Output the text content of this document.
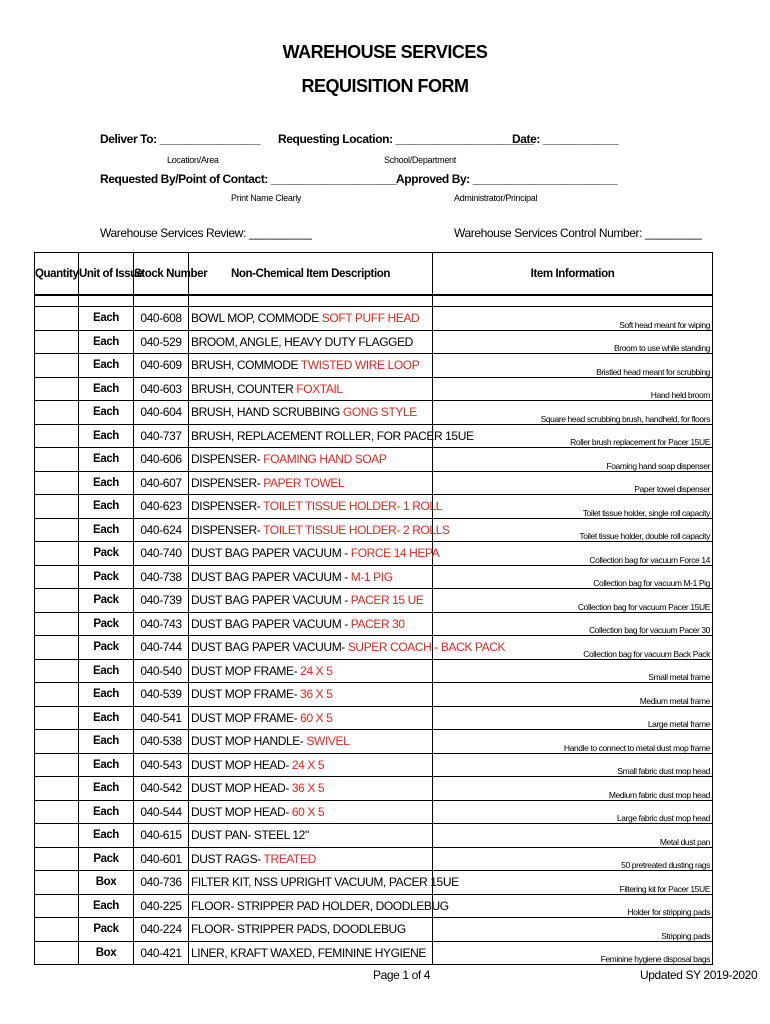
WAREHOUSE SERVICES
REQUISITION FORM
Deliver To: ________________
Location/Area
Requesting Location: ______________________
School/Department
Date: ____________
Requested By/Point of Contact: ____________________
Print Name Clearly
Approved By: _______________________
Administrator/Principal
Warehouse Services Review: __________	Warehouse Services Control Number: _________
Quantity	Unit of Issue	Stock Number	Non-Chemical Item Description	Item Information

	Each	040-608	BOWL MOP, COMMODE SOFT PUFF HEAD	Soft head meant for wiping
	Each	040-529	BROOM, ANGLE, HEAVY DUTY FLAGGED	Broom to use while standing
	Each	040-609	BRUSH, COMMODE TWISTED WIRE LOOP	Bristled head meant for scrubbing
	Each	040-603	BRUSH, COUNTER FOXTAIL	Hand held broom
	Each	040-604	BRUSH, HAND SCRUBBING GONG STYLE	Square head scrubbing brush, handheld, for floors
	Each	040-737	BRUSH, REPLACEMENT ROLLER, FOR PACER 15UE	Roller brush replacement for Pacer 15UE
	Each	040-606	DISPENSER- FOAMING HAND SOAP	Foaming hand soap dispenser
	Each	040-607	DISPENSER- PAPER TOWEL	Paper towel dispenser
	Each	040-623	DISPENSER- TOILET TISSUE HOLDER- 1 ROLL	Toilet tissue holder, single roll capacity
	Each	040-624	DISPENSER- TOILET TISSUE HOLDER- 2 ROLLS	Toilet tissue holder, double roll capacity
	Pack	040-740	DUST BAG PAPER VACUUM - FORCE 14 HEPA	Collection bag for vacuum Force 14
	Pack	040-738	DUST BAG PAPER VACUUM - M-1 PIG	Collection bag for vacuum M-1 Pig
	Pack	040-739	DUST BAG PAPER VACUUM - PACER 15 UE	Collection bag for vacuum Pacer 15UE
	Pack	040-743	DUST BAG PAPER VACUUM - PACER 30	Collection bag for vacuum Pacer 30
	Pack	040-744	DUST BAG PAPER VACUUM- SUPER COACH - BACK PACK	Collection bag for vacuum Back Pack
	Each	040-540	DUST MOP FRAME- 24 X 5	Small metal frame
	Each	040-539	DUST MOP FRAME- 36 X 5	Medium metal frame
	Each	040-541	DUST MOP FRAME- 60 X 5	Large metal frame
	Each	040-538	DUST MOP HANDLE- SWIVEL	Handle to connect to metal dust mop frame
	Each	040-543	DUST MOP HEAD- 24 X 5	Small fabric dust mop head
	Each	040-542	DUST MOP HEAD- 36 X 5	Medium fabric dust mop head
	Each	040-544	DUST MOP HEAD- 60 X 5	Large fabric dust mop head
	Each	040-615	DUST PAN- STEEL 12"	Metal dust pan
	Pack	040-601	DUST RAGS- TREATED	50 pretreated dusting rags
	Box	040-736	FILTER KIT, NSS UPRIGHT VACUUM, PACER 15UE	Filtering kit for Pacer 15UE
	Each	040-225	FLOOR- STRIPPER PAD HOLDER, DOODLEBUG	Holder for stripping pads
	Pack	040-224	FLOOR- STRIPPER PADS, DOODLEBUG	Stripping pads
	Box	040-421	LINER, KRAFT WAXED, FEMININE HYGIENE	Feminine hygiene disposal bags
Page 1 of 4	Updated SY 2019-2020
